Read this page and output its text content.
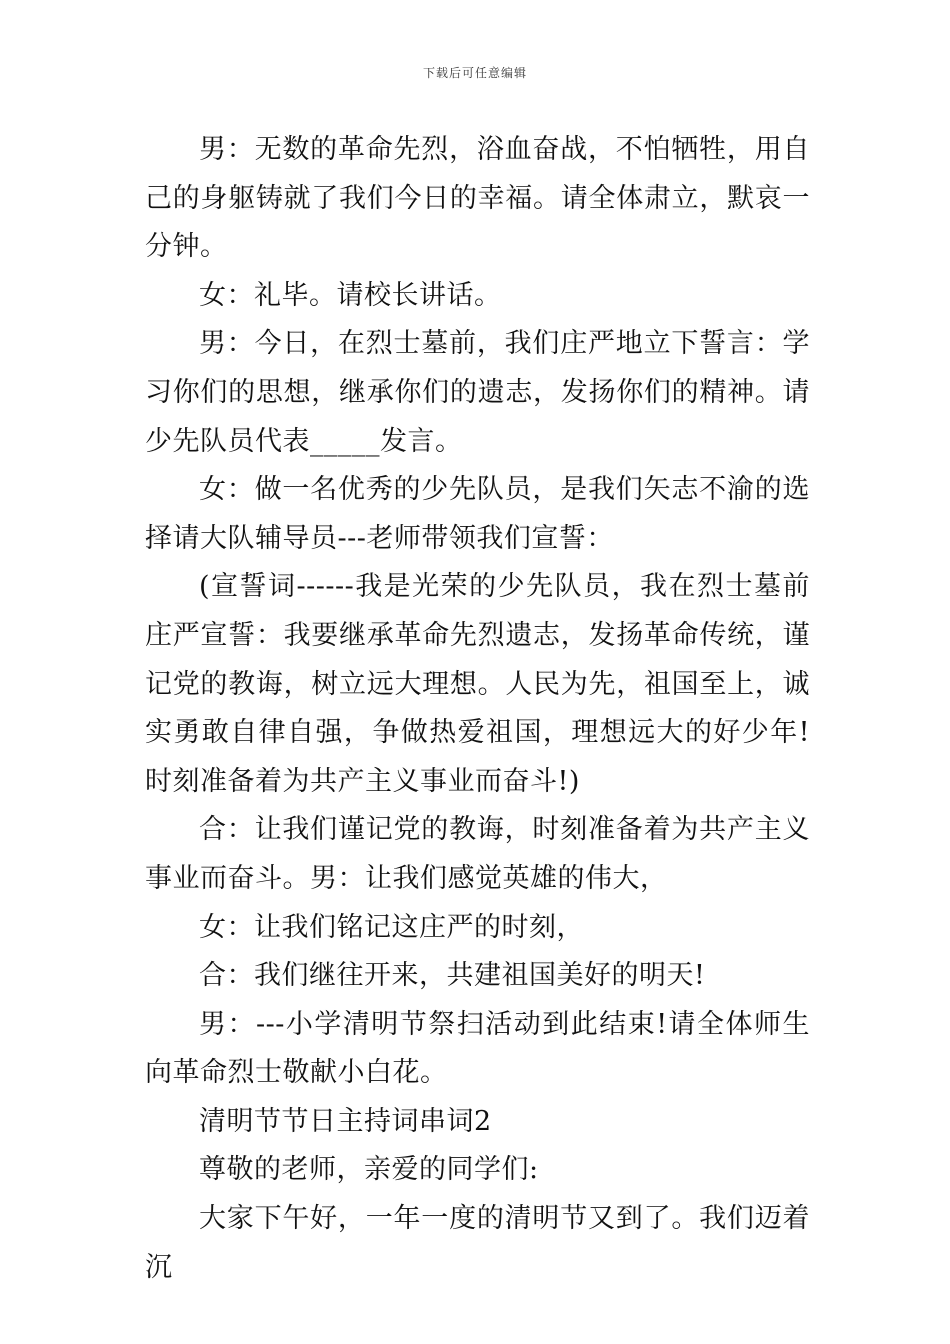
下载后可任意编辑

男：无数的革命先烈，浴血奋战，不怕牺牲，用自己的身躯铸就了我们今日的幸福。请全体肃立，默哀一分钟。

女：礼毕。请校长讲话。

男：今日，在烈士墓前，我们庄严地立下誓言：学习你们的思想，继承你们的遗志，发扬你们的精神。请少先队员代表_____发言。

女：做一名优秀的少先队员，是我们矢志不渝的选择请大队辅导员---老师带领我们宣誓：

(宣誓词------我是光荣的少先队员，我在烈士墓前庄严宣誓：我要继承革命先烈遗志，发扬革命传统，谨记党的教诲，树立远大理想。人民为先，祖国至上，诚实勇敢自律自强，争做热爱祖国，理想远大的好少年!时刻准备着为共产主义事业而奋斗!)

合：让我们谨记党的教诲，时刻准备着为共产主义事业而奋斗。男：让我们感觉英雄的伟大，

女：让我们铭记这庄严的时刻，

合：我们继往开来，共建祖国美好的明天!

男：---小学清明节祭扫活动到此结束!请全体师生向革命烈士敬献小白花。

清明节节日主持词串词2

尊敬的老师，亲爱的同学们:

大家下午好，一年一度的清明节又到了。我们迈着沉
